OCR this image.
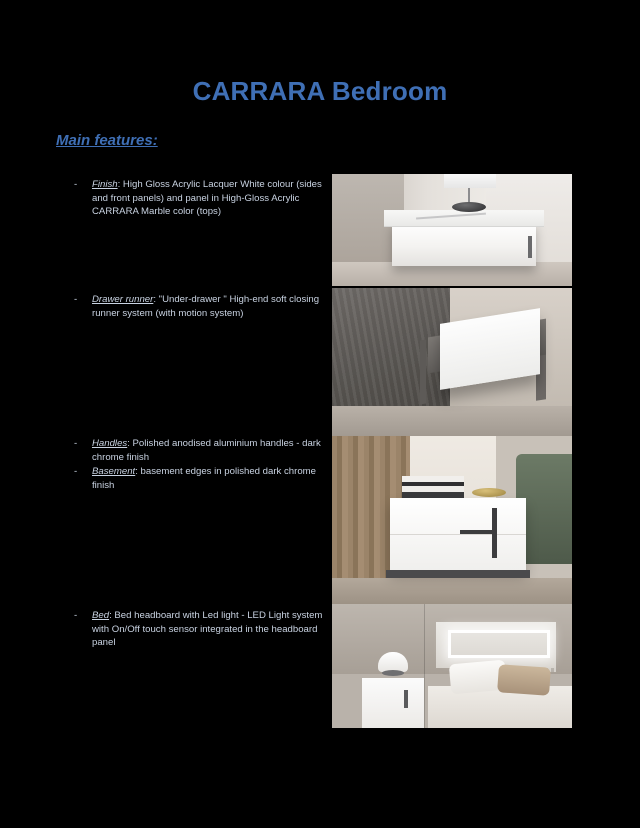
CARRARA Bedroom
Main features:
-	Finish: High Gloss Acrylic Lacquer White colour (sides and front panels) and panel in High-Gloss Acrylic CARRARA Marble color (tops)
-	Drawer runner: "Under-drawer " High-end soft closing runner system (with motion system)
-	Handles: Polished anodised aluminium handles - dark chrome finish
-	Basement: basement edges in polished dark chrome finish
-	Bed: Bed headboard with Led light - LED Light system with On/Off touch sensor integrated in the headboard panel
